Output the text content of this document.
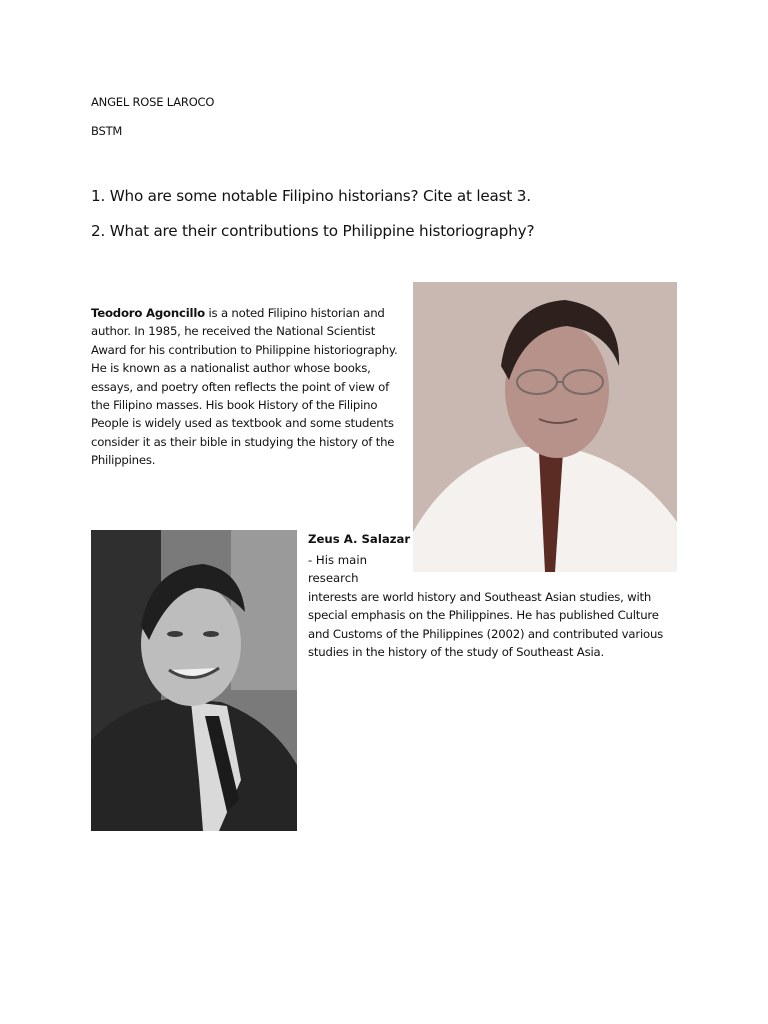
ANGEL ROSE LAROCO
BSTM
1. Who are some notable Filipino historians? Cite at least 3.
2. What are their contributions to Philippine historiography?
Teodoro Agoncillo is a noted Filipino historian and author. In 1985, he received the National Scientist Award for his contribution to Philippine historiography. He is known as a nationalist author whose books, essays, and poetry often reflects the point of view of the Filipino masses. His book History of the Filipino People is widely used as textbook and some students consider it as their bible in studying the history of the Philippines.
Zeus A. Salazar
- His main
research
interests are world history and Southeast Asian studies, with special emphasis on the Philippines. He has published Culture and Customs of the Philippines (2002) and contributed various studies in the history of the study of Southeast Asia.
